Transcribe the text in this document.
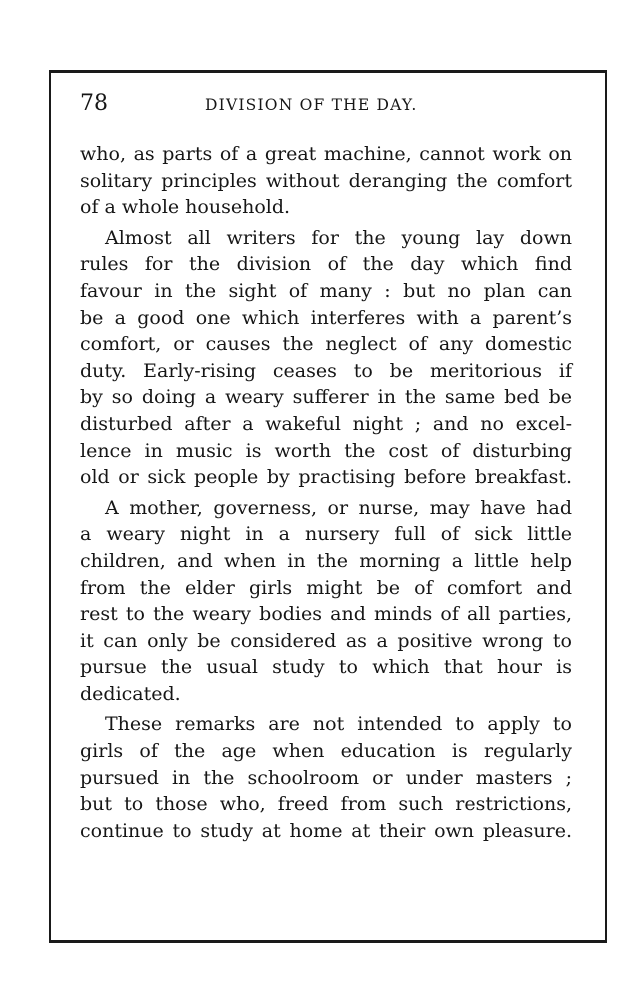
78	DIVISION OF THE DAY.

who, as parts of a great machine, cannot work on
solitary principles without deranging the comfort
of a whole household.

Almost all writers for the young lay down
rules for the division of the day which find
favour in the sight of many : but no plan can
be a good one which interferes with a parent’s
comfort, or causes the neglect of any domestic
duty. Early-rising ceases to be meritorious if
by so doing a weary sufferer in the same bed be
disturbed after a wakeful night ; and no excel-
lence in music is worth the cost of disturbing
old or sick people by practising before breakfast.

A mother, governess, or nurse, may have had
a weary night in a nursery full of sick little
children, and when in the morning a little help
from the elder girls might be of comfort and
rest to the weary bodies and minds of all parties,
it can only be considered as a positive wrong to
pursue the usual study to which that hour is
dedicated.

These remarks are not intended to apply to
girls of the age when education is regularly
pursued in the schoolroom or under masters ;
but to those who, freed from such restrictions,
continue to study at home at their own pleasure.
